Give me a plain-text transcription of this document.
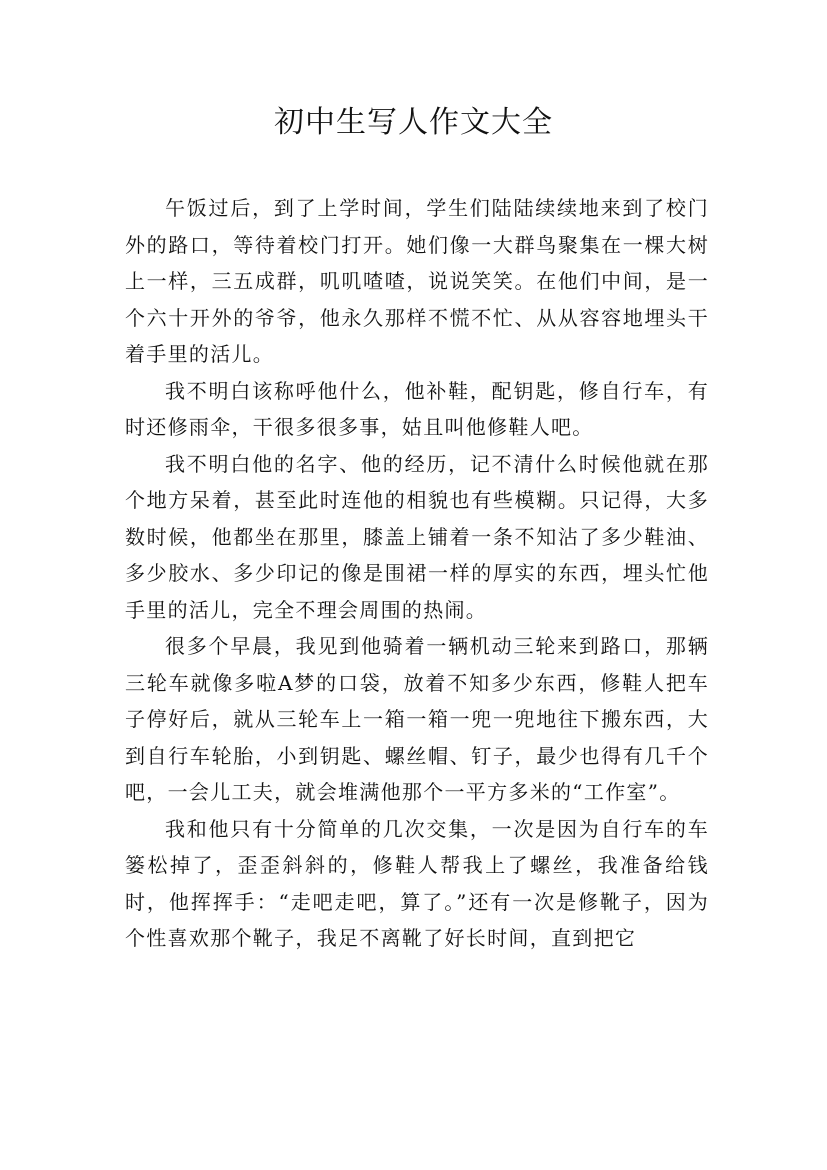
初中生写人作文大全

午饭过后，到了上学时间，学生们陆陆续续地来到了校门外的路口，等待着校门打开。她们像一大群鸟聚集在一棵大树上一样，三五成群，叽叽喳喳，说说笑笑。在他们中间，是一个六十开外的爷爷，他永久那样不慌不忙、从从容容地埋头干着手里的活儿。

我不明白该称呼他什么，他补鞋，配钥匙，修自行车，有时还修雨伞，干很多很多事，姑且叫他修鞋人吧。

我不明白他的名字、他的经历，记不清什么时候他就在那个地方呆着，甚至此时连他的相貌也有些模糊。只记得，大多数时候，他都坐在那里，膝盖上铺着一条不知沾了多少鞋油、多少胶水、多少印记的像是围裙一样的厚实的东西，埋头忙他手里的活儿，完全不理会周围的热闹。

很多个早晨，我见到他骑着一辆机动三轮来到路口，那辆三轮车就像多啦A梦的口袋，放着不知多少东西，修鞋人把车子停好后，就从三轮车上一箱一箱一兜一兜地往下搬东西，大到自行车轮胎，小到钥匙、螺丝帽、钉子，最少也得有几千个吧，一会儿工夫，就会堆满他那个一平方多米的“工作室”。

我和他只有十分简单的几次交集，一次是因为自行车的车篓松掉了，歪歪斜斜的，修鞋人帮我上了螺丝，我准备给钱时，他挥挥手：“走吧走吧，算了。”还有一次是修靴子，因为个性喜欢那个靴子，我足不离靴了好长时间，直到把它
